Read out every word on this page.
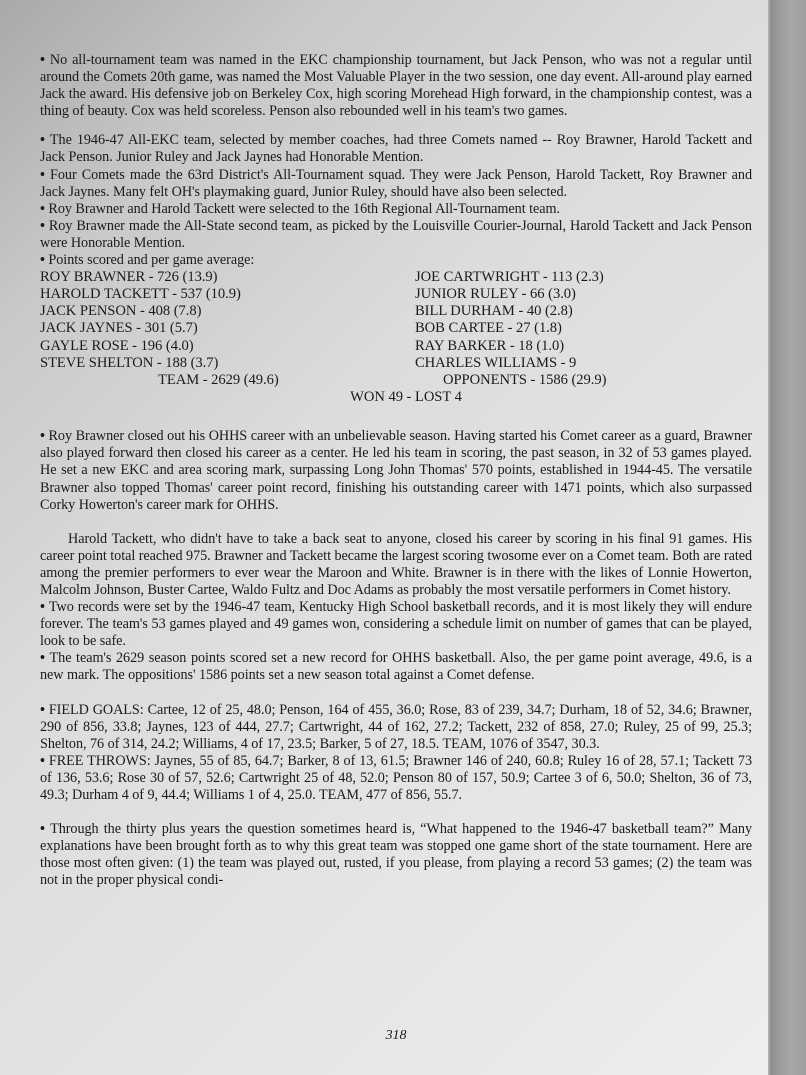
• No all-tournament team was named in the EKC championship tournament, but Jack Penson, who was not a regular until around the Comets 20th game, was named the Most Valuable Player in the two session, one day event. All-around play earned Jack the award. His defensive job on Berkeley Cox, high scoring Morehead High forward, in the championship contest, was a thing of beauty. Cox was held scoreless. Penson also rebounded well in his team's two games.

• The 1946-47 All-EKC team, selected by member coaches, had three Comets named -- Roy Brawner, Harold Tackett and Jack Penson. Junior Ruley and Jack Jaynes had Honorable Mention.

• Four Comets made the 63rd District's All-Tournament squad. They were Jack Penson, Harold Tackett, Roy Brawner and Jack Jaynes. Many felt OH's playmaking guard, Junior Ruley, should have also been selected.

• Roy Brawner and Harold Tackett were selected to the 16th Regional All-Tournament team.

• Roy Brawner made the All-State second team, as picked by the Louisville Courier-Journal, Harold Tackett and Jack Penson were Honorable Mention.

• Points scored and per game average:

ROY BRAWNER - 726 (13.9)
HAROLD TACKETT - 537 (10.9)
JACK PENSON - 408 (7.8)
JACK JAYNES - 301 (5.7)
GAYLE ROSE - 196 (4.0)
STEVE SHELTON - 188 (3.7)
TEAM - 2629 (49.6)
JOE CARTWRIGHT - 113 (2.3)
JUNIOR RULEY - 66 (3.0)
BILL DURHAM - 40 (2.8)
BOB CARTEE - 27 (1.8)
RAY BARKER - 18 (1.0)
CHARLES WILLIAMS - 9
OPPONENTS - 1586 (29.9)
WON 49 - LOST 4

• Roy Brawner closed out his OHHS career with an unbelievable season. Having started his Comet career as a guard, Brawner also played forward then closed his career as a center. He led his team in scoring, the past season, in 32 of 53 games played. He set a new EKC and area scoring mark, surpassing Long John Thomas' 570 points, established in 1944-45. The versatile Brawner also topped Thomas' career point record, finishing his outstanding career with 1471 points, which also surpassed Corky Howerton's career mark for OHHS.

Harold Tackett, who didn't have to take a back seat to anyone, closed his career by scoring in his final 91 games. His career point total reached 975. Brawner and Tackett became the largest scoring twosome ever on a Comet team. Both are rated among the premier performers to ever wear the Maroon and White. Brawner is in there with the likes of Lonnie Howerton, Malcolm Johnson, Buster Cartee, Waldo Fultz and Doc Adams as probably the most versatile performers in Comet history.

• Two records were set by the 1946-47 team, Kentucky High School basketball records, and it is most likely they will endure forever. The team's 53 games played and 49 games won, considering a schedule limit on number of games that can be played, look to be safe.

• The team's 2629 season points scored set a new record for OHHS basketball. Also, the per game point average, 49.6, is a new mark. The oppositions' 1586 points set a new season total against a Comet defense.

• FIELD GOALS: Cartee, 12 of 25, 48.0; Penson, 164 of 455, 36.0; Rose, 83 of 239, 34.7; Durham, 18 of 52, 34.6; Brawner, 290 of 856, 33.8; Jaynes, 123 of 444, 27.7; Cartwright, 44 of 162, 27.2; Tackett, 232 of 858, 27.0; Ruley, 25 of 99, 25.3; Shelton, 76 of 314, 24.2; Williams, 4 of 17, 23.5; Barker, 5 of 27, 18.5. TEAM, 1076 of 3547, 30.3.

• FREE THROWS: Jaynes, 55 of 85, 64.7; Barker, 8 of 13, 61.5; Brawner 146 of 240, 60.8; Ruley 16 of 28, 57.1; Tackett 73 of 136, 53.6; Rose 30 of 57, 52.6; Cartwright 25 of 48, 52.0; Penson 80 of 157, 50.9; Cartee 3 of 6, 50.0; Shelton, 36 of 73, 49.3; Durham 4 of 9, 44.4; Williams 1 of 4, 25.0. TEAM, 477 of 856, 55.7.

• Through the thirty plus years the question sometimes heard is, “What happened to the 1946-47 basketball team?” Many explanations have been brought forth as to why this great team was stopped one game short of the state tournament. Here are those most often given: (1) the team was played out, rusted, if you please, from playing a record 53 games; (2) the team was not in the proper physical condi-

318
